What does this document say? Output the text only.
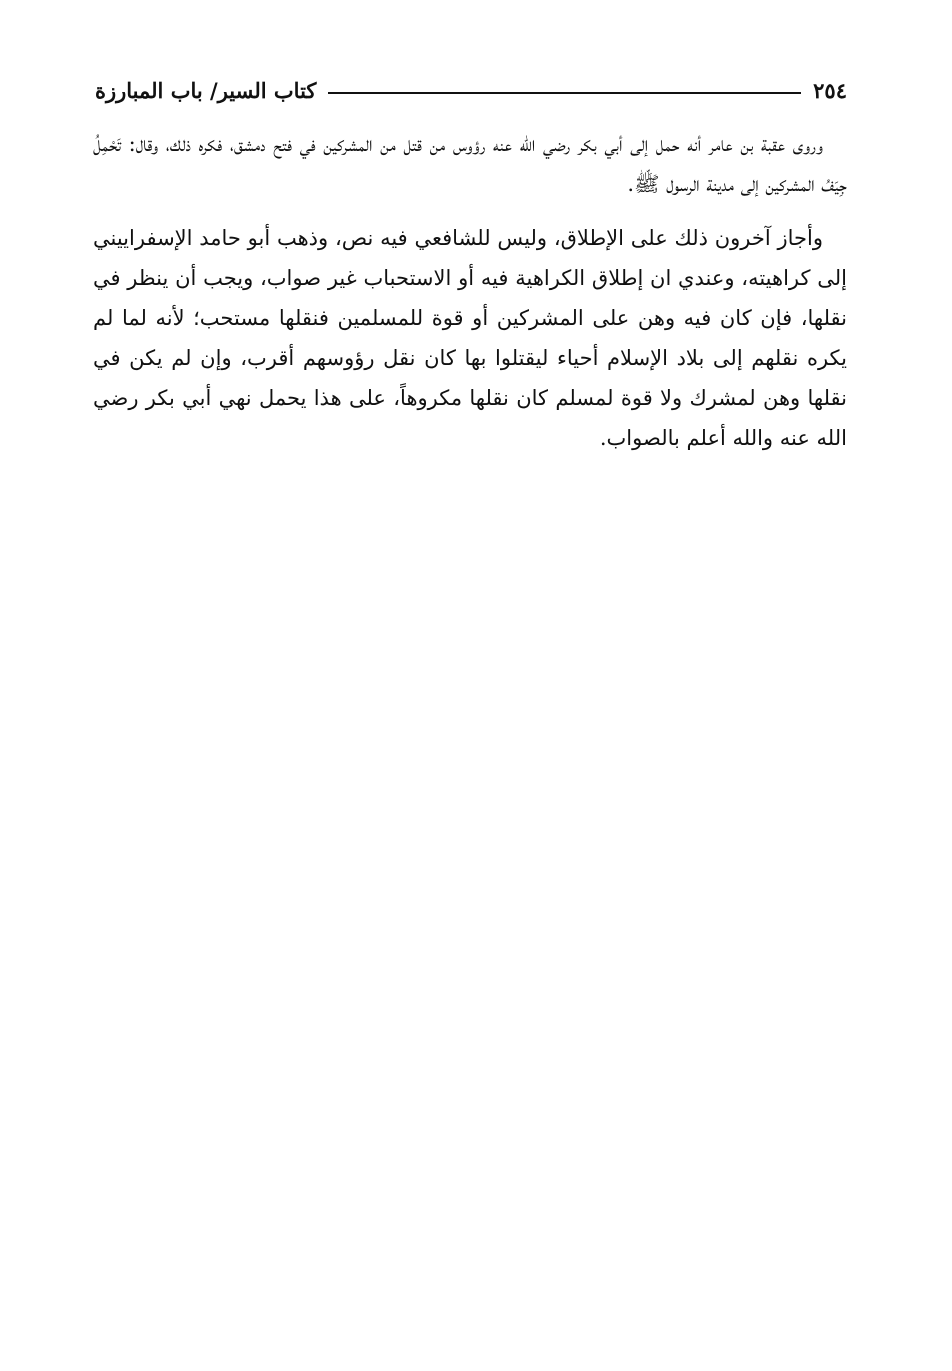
٢٥٤
كتاب السير/ باب المبارزة

وروى عقبة بن عامر أنه حمل إلى أبي بكر رضي الله عنه رؤوس من قتل من المشركين في فتح دمشق، فكره ذلك، وقال: تَحْمِلُ جِيَفُ المشركين إلى مدينة الرسول ﷺ.

وأجاز آخرون ذلك على الإطلاق، وليس للشافعي فيه نص، وذهب أبو حامد الإسفراييني إلى كراهيته، وعندي ان إطلاق الكراهية فيه أو الاستحباب غير صواب، ويجب أن ينظر في نقلها، فإن كان فيه وهن على المشركين أو قوة للمسلمين فنقلها مستحب؛ لأنه لما لم يكره نقلهم إلى بلاد الإسلام أحياء ليقتلوا بها كان نقل رؤوسهم أقرب، وإن لم يكن في نقلها وهن لمشرك ولا قوة لمسلم كان نقلها مكروهاً، على هذا يحمل نهي أبي بكر رضي الله عنه والله أعلم بالصواب.
